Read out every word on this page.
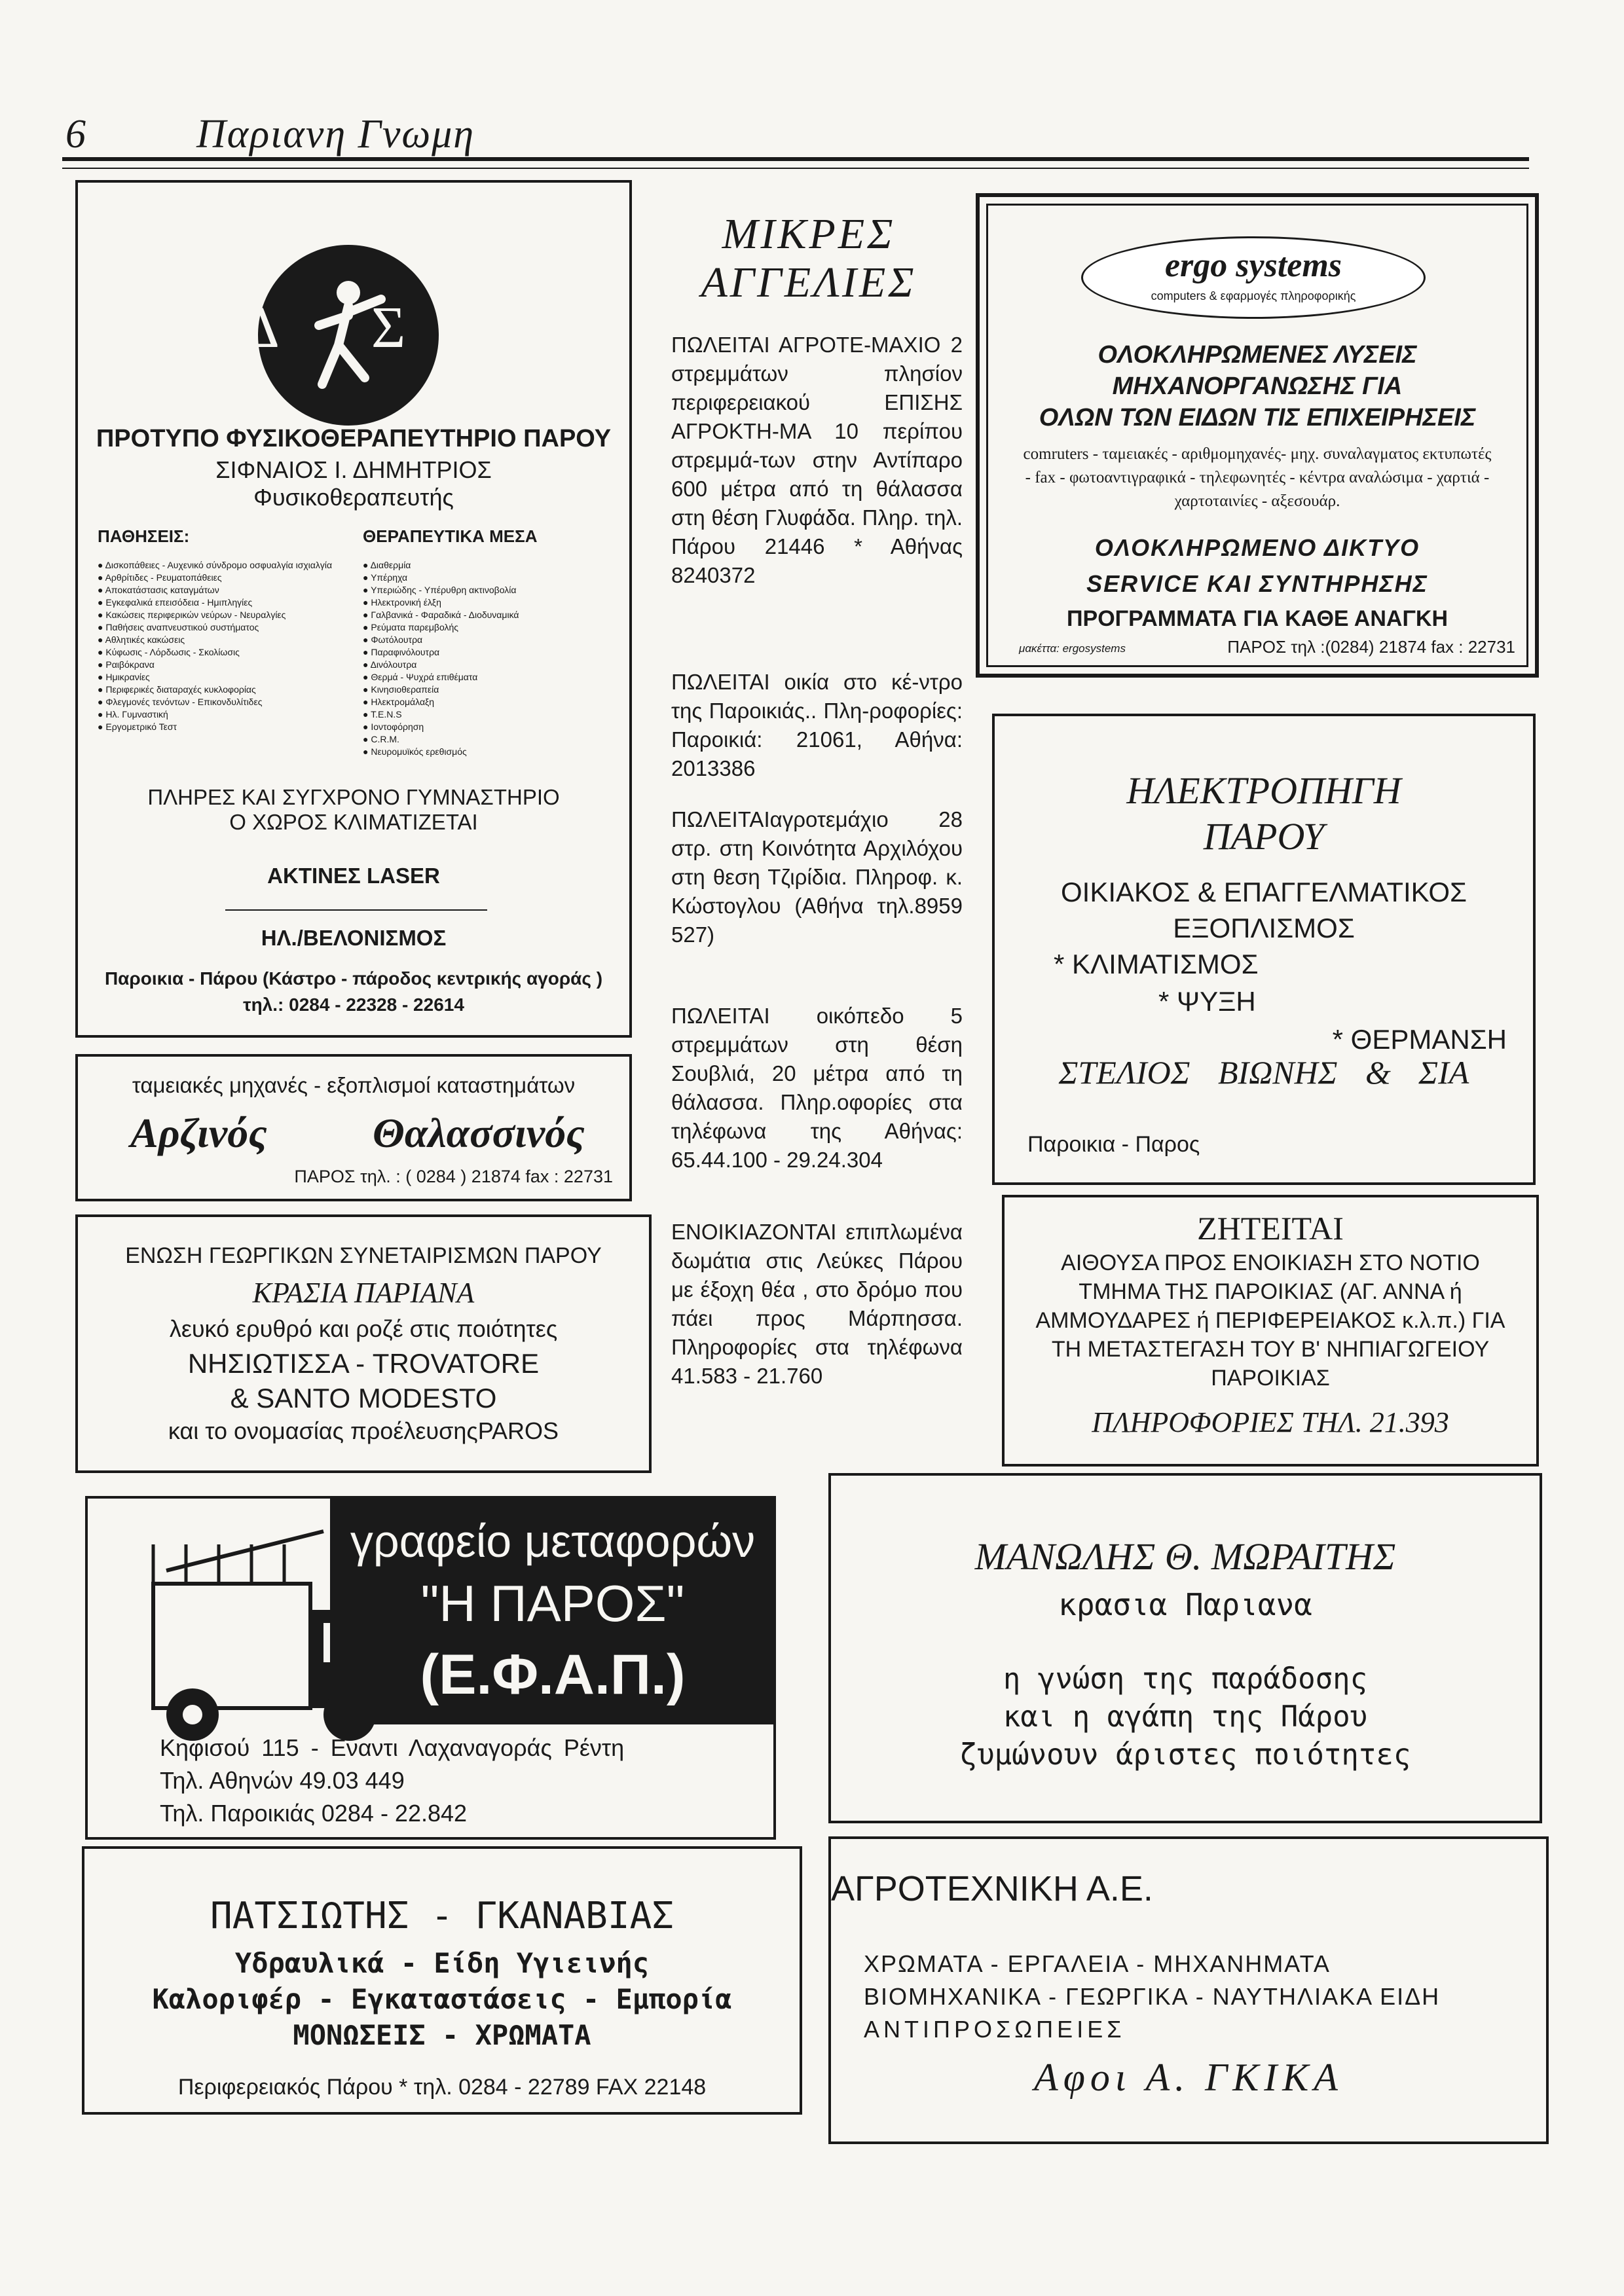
6	Παριανη Γνωμη
ΔΣ
ΠΡΟΤΥΠΟ ΦΥΣΙΚΟΘΕΡΑΠΕΥΤΗΡΙΟ ΠΑΡΟΥ
ΣΙΦΝΑΙΟΣ Ι. ΔΗΜΗΤΡΙΟΣ
Φυσικοθεραπευτής
ΠΑΘΗΣΕΙΣ:	ΘΕΡΑΠΕΥΤΙΚΑ ΜΕΣΑ
● Δισκοπάθειες - Αυχενικό σύνδρομο οσφυαλγία ισχιαλγία
● Αρθρίτιδες - Ρευματοπάθειες
● Αποκατάστασις καταγμάτων
● Εγκεφαλικά επεισόδεια - Ημιπληγίες
● Κακώσεις περιφερικών νεύρων - Νευραλγίες
● Παθήσεις αναπνευστικού συστήματος
● Αθλητικές κακώσεις
● Κύφωσις - Λόρδωσις - Σκολίωσις
● Ραιβόκρανα
● Ημικρανίες
● Περιφερικές διαταραχές κυκλοφορίας
● Φλεγμονές τενόντων - Επικονδυλίτιδες
● Ηλ. Γυμναστική
● Εργομετρικό Τεστ
● Διαθερμία
● Υπέρηχα
● Υπεριώδης - Υπέρυθρη ακτινοβολία
● Ηλεκτρονική έλξη
● Γαλβανικά - Φαραδικά - Διοδυναμικά
● Ρεύματα παρεμβολής
● Φωτόλουτρα
● Παραφινόλουτρα
● Δινόλουτρα
● Θερμά - Ψυχρά επιθέματα
● Κινησιοθεραπεία
● Ηλεκτρομάλαξη
● T.E.N.S
● Ιοντοφόρηση
● C.R.M.
● Νευρομυϊκός ερεθισμός
ΠΛΗΡΕΣ ΚΑΙ ΣΥΓΧΡΟΝΟ ΓΥΜΝΑΣΤΗΡΙΟ
Ο ΧΩΡΟΣ ΚΛΙΜΑΤΙΖΕΤΑΙ
ΑΚΤΙΝΕΣ LASER
ΗΛ./ΒΕΛΟΝΙΣΜΟΣ
Παροικια - Πάρου (Κάστρο - πάροδος κεντρικής αγοράς )
τηλ.: 0284 - 22328 - 22614
ταμειακές μηχανές - εξοπλισμοί καταστημάτων
Αρζινός	Θαλασσινός
ΠΑΡΟΣ τηλ. : ( 0284 ) 21874 fax : 22731
ΕΝΩΣΗ ΓΕΩΡΓΙΚΩΝ ΣΥΝΕΤΑΙΡΙΣΜΩΝ ΠΑΡΟΥ
ΚΡΑΣΙΑ ΠΑΡΙΑΝΑ
λευκό ερυθρό και ροζέ στις ποιότητες
ΝΗΣΙΩΤΙΣΣΑ - TROVATORE
& SANTO MODESTO
και το ονομασίας προέλευσηςPAROS
ΜΙΚΡΕΣ
ΑΓΓΕΛΙΕΣ

ΠΩΛΕΙΤΑΙ ΑΓΡΟΤΕ-ΜΑΧΙΟ 2 στρεμμάτων πλησίον περιφερειακού ΕΠΙΣΗΣ ΑΓΡΟΚΤΗ-ΜΑ 10 περίπου στρεμμά-των στην Αντίπαρο 600 μέτρα από τη θάλασσα στη θέση Γλυφάδα. Πληρ. τηλ. Πάρου 21446 * Αθήνας 8240372

ΠΩΛΕΙΤΑΙ οικία στο κέ-ντρο της Παροικιάς.. Πλη-ροφορίες: Παροικιά: 21061, Αθήνα: 2013386

ΠΩΛΕΙΤΑΙαγροτεμάχιο 28 στρ. στη Κοινότητα Αρχιλόχου στη θεση Τζιρίδια. Πληροφ. κ. Κώστογλου (Αθήνα τηλ.8959 527)

ΠΩΛΕΙΤΑΙ οικόπεδο 5 στρεμμάτων στη θέση Σουβλιά, 20 μέτρα από τη θάλασσα. Πληρ.οφορίες στα τηλέφωνα της Αθήνας: 65.44.100 - 29.24.304

ΕΝΟΙΚΙΑΖΟΝΤΑΙ επιπλωμένα δωμάτια στις Λεύκες Πάρου με έξοχη θέα , στο δρόμο που πάει προς Μάρπησσα. Πληροφορίες στα τηλέφωνα 41.583 - 21.760

ergo systems
computers & εφαρμογές πληροφορικής
ΟΛΟΚΛΗΡΩΜΕΝΕΣ ΛΥΣΕΙΣ
ΜΗΧΑΝΟΡΓΑΝΩΣΗΣ ΓΙΑ
ΟΛΩΝ ΤΩΝ ΕΙΔΩΝ ΤΙΣ ΕΠΙΧΕΙΡΗΣΕΙΣ
comruters - ταμειακές - αριθμομηχανές- μηχ. συναλαγματος εκτυπωτές - fax - φωτοαντιγραφικά - τηλεφωνητές - κέντρα αναλώσιμα - χαρτιά - χαρτοταινίες - αξεσουάρ.
ΟΛΟΚΛΗΡΩΜΕΝΟ ΔΙΚΤΥΟ
SERVICE ΚΑΙ ΣΥΝΤΗΡΗΣΗΣ
ΠΡΟΓΡΑΜΜΑΤΑ ΓΙΑ ΚΑΘΕ ΑΝΑΓΚΗ
μακέττα: ergosystems	ΠΑΡΟΣ τηλ :(0284) 21874 fax : 22731
ΗΛΕΚΤΡΟΠΗΓΗ
ΠΑΡΟΥ
ΟΙΚΙΑΚΟΣ & ΕΠΑΓΓΕΛΜΑΤΙΚΟΣ
ΕΞΟΠΛΙΣΜΟΣ
* ΚΛΙΜΑΤΙΣΜΟΣ
* ΨΥΞΗ
* ΘΕΡΜΑΝΣΗ
ΣΤΕΛΙΟΣ ΒΙΩΝΗΣ & ΣΙΑ
Παροικια - Παρος
ΖΗΤΕΙΤΑΙ
ΑΙΘΟΥΣΑ ΠΡΟΣ ΕΝΟΙΚΙΑΣΗ ΣΤΟ ΝΟΤΙΟ ΤΜΗΜΑ ΤΗΣ ΠΑΡΟΙΚΙΑΣ (ΑΓ. ΑΝΝΑ ή ΑΜΜΟΥΔΑΡΕΣ ή ΠΕΡΙΦΕΡΕΙΑΚΟΣ κ.λ.π.) ΓΙΑ ΤΗ ΜΕΤΑΣΤΕΓΑΣΗ ΤΟΥ Β' ΝΗΠΙΑΓΩΓΕΙΟΥ ΠΑΡΟΙΚΙΑΣ
ΠΛΗΡΟΦΟΡΙΕΣ ΤΗΛ. 21.393
γραφείο μεταφορών
"Η ΠΑΡΟΣ"
(Ε.Φ.Α.Π.)
Κηφισού 115 - Εναντι Λαχαναγοράς Ρέντη
Τηλ. Αθηνών 49.03 449
Τηλ. Παροικιάς 0284 - 22.842
ΜΑΝΩΛΗΣ Θ. ΜΩΡΑΙΤΗΣ
κρασια Παριανα
η γνώση της παράδοσης
και η αγάπη της Πάρου
ζυμώνουν άριστες ποιότητες
ΠΑΤΣΙΩΤΗΣ - ΓΚΑΝΑΒΙΑΣ
Υδραυλικά - Είδη Υγιεινής
Καλοριφέρ - Εγκαταστάσεις - Εμπορία
ΜΟΝΩΣΕΙΣ - ΧΡΩΜΑΤΑ
Περιφερειακός Πάρου * τηλ. 0284 - 22789 FAX 22148
ΑΓΡΟΤΕΧΝΙΚΗ Α.Ε.
ΧΡΩΜΑΤΑ - ΕΡΓΑΛΕΙΑ - ΜΗΧΑΝΗΜΑΤΑ
ΒΙΟΜΗΧΑΝΙΚΑ - ΓΕΩΡΓΙΚΑ - ΝΑΥΤΗΛΙΑΚΑ ΕΙΔΗ
ΑΝΤΙΠΡΟΣΩΠΕΙΕΣ
Αφοι Α. ΓΚΙΚΑ
